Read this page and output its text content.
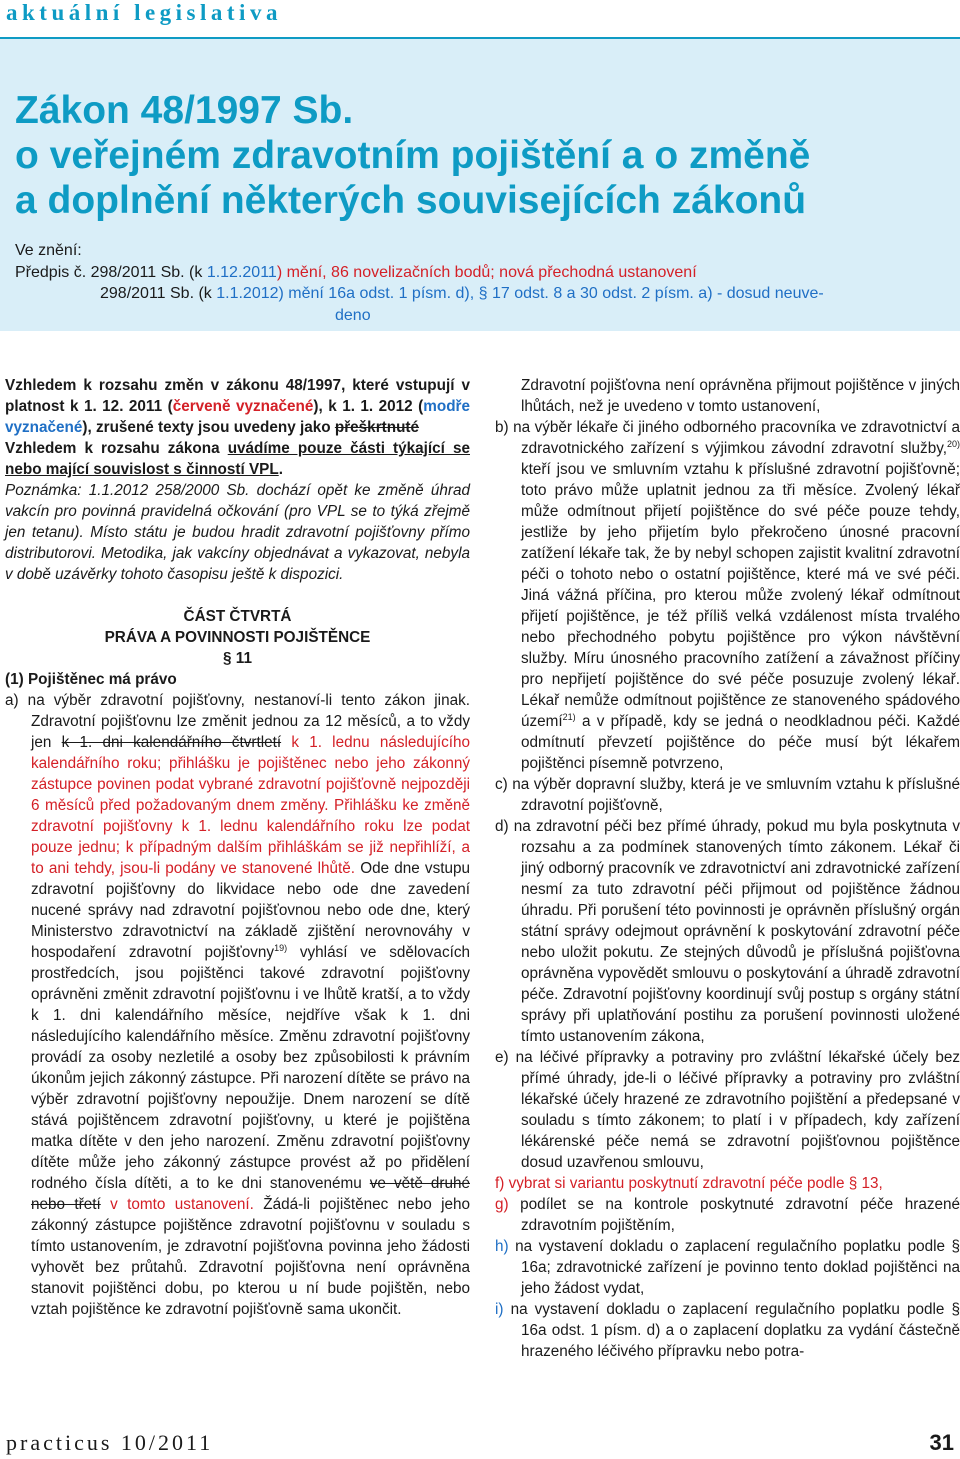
aktuální legislativa
Zákon 48/1997 Sb.
o veřejném zdravotním pojištění a o změně
a doplnění některých souvisejících zákonů
Ve znění:
Předpis č. 298/2011 Sb. (k 1.12.2011) mění, 86 novelizačních bodů; nová přechodná ustanovení
298/2011 Sb. (k 1.1.2012) mění 16a odst. 1 písm. d), § 17 odst. 8 a 30 odst. 2 písm. a) - dosud neuve-
deno

Vzhledem k rozsahu změn v zákonu 48/1997, které vstupují v platnost k 1. 12. 2011 (červeně vyznačené), k 1. 1. 2012 (modře vyznačené), zrušené texty jsou uvedeny jako přeškrtnuté

Vzhledem k rozsahu zákona uvádíme pouze části týkající se nebo mající souvislost s činností VPL.

Poznámka: 1.1.2012 258/2000 Sb. dochází opět ke změně úhrad vakcín pro povinná pravidelná očkování (pro VPL se to týká zřejmě jen tetanu). Místo státu je budou hradit zdravotní pojišťovny přímo distributorovi. Metodika, jak vakcíny objednávat a vykazovat, nebyla v době uzávěrky tohoto časopisu ještě k dispozici.

ČÁST ČTVRTÁ

PRÁVA A POVINNOSTI POJIŠTĚNCE

§ 11

(1) Pojištěnec má právo

a) na výběr zdravotní pojišťovny, nestanoví-li tento zákon jinak. Zdravotní pojišťovnu lze změnit jednou za 12 měsíců, a to vždy jen k 1. dni kalendářního čtvrtletí k 1. lednu následujícího kalendářního roku; přihlášku je pojištěnec nebo jeho zákonný zástupce povinen podat vybrané zdravotní pojišťovně nejpozději 6 měsíců před požadovaným dnem změny. Přihlášku ke změně zdravotní pojišťovny k 1. lednu kalendářního roku lze podat pouze jednu; k případným dalším přihláškám se již nepřihlíží, a to ani tehdy, jsou-li podány ve stanovené lhůtě. Ode dne vstupu zdravotní pojišťovny do likvidace nebo ode dne zavedení nucené správy nad zdravotní pojišťovnou nebo ode dne, který Ministerstvo zdravotnictví na základě zjištění nerovnováhy v hospodaření zdravotní pojišťovny$^{19)}$ vyhlásí ve sdělovacích prostředcích, jsou pojištěnci takové zdravotní pojišťovny oprávněni změnit zdravotní pojišťovnu i ve lhůtě kratší, a to vždy k 1. dni kalendářního měsíce, nejdříve však k 1. dni následujícího kalendářního měsíce. Změnu zdravotní pojišťovny provádí za osoby nezletilé a osoby bez způsobilosti k právním úkonům jejich zákonný zástupce. Při narození dítěte se právo na výběr zdravotní pojišťovny nepoužije. Dnem narození se dítě stává pojištěncem zdravotní pojišťovny, u které je pojištěna matka dítěte v den jeho narození. Změnu zdravotní pojišťovny dítěte může jeho zákonný zástupce provést až po přidělení rodného čísla dítěti, a to ke dni stanovenému ve větě druhé nebo třetí v tomto ustanovení. Žádá-li pojištěnec nebo jeho zákonný zástupce pojištěnce zdravotní pojišťovnu v souladu s tímto ustanovením, je zdravotní pojišťovna povinna jeho žádosti vyhovět bez průtahů. Zdravotní pojišťovna není oprávněna stanovit pojištěnci dobu, po kterou u ní bude pojištěn, nebo vztah pojištěnce ke zdravotní pojišťovně sama ukončit.

Zdravotní pojišťovna není oprávněna přijmout pojištěnce v jiných lhůtách, než je uvedeno v tomto ustanovení,

b) na výběr lékaře či jiného odborného pracovníka ve zdravotnictví a zdravotnického zařízení s výjimkou závodní zdravotní služby,$^{20)}$ kteří jsou ve smluvním vztahu k příslušné zdravotní pojišťovně; toto právo může uplatnit jednou za tři měsíce. Zvolený lékař může odmítnout přijetí pojištěnce do své péče pouze tehdy, jestliže by jeho přijetím bylo překročeno únosné pracovní zatížení lékaře tak, že by nebyl schopen zajistit kvalitní zdravotní péči o tohoto nebo o ostatní pojištěnce, které má ve své péči. Jiná vážná příčina, pro kterou může zvolený lékař odmítnout přijetí pojištěnce, je též příliš velká vzdálenost místa trvalého nebo přechodného pobytu pojištěnce pro výkon návštěvní služby. Míru únosného pracovního zatížení a závažnost příčiny pro nepřijetí pojištěnce do své péče posuzuje zvolený lékař. Lékař nemůže odmítnout pojištěnce ze stanoveného spádového území$^{21)}$ a v případě, kdy se jedná o neodkladnou péči. Každé odmítnutí převzetí pojištěnce do péče musí být lékařem pojištěnci písemně potvrzeno,

c) na výběr dopravní služby, která je ve smluvním vztahu k příslušné zdravotní pojišťovně,

d) na zdravotní péči bez přímé úhrady, pokud mu byla poskytnuta v rozsahu a za podmínek stanovených tímto zákonem. Lékař či jiný odborný pracovník ve zdravotnictví ani zdravotnické zařízení nesmí za tuto zdravotní péči přijmout od pojištěnce žádnou úhradu. Při porušení této povinnosti je oprávněn příslušný orgán státní správy odejmout oprávnění k poskytování zdravotní péče nebo uložit pokutu. Ze stejných důvodů je příslušná pojišťovna oprávněna vypovědět smlouvu o poskytování a úhradě zdravotní péče. Zdravotní pojišťovny koordinují svůj postup s orgány státní správy při uplatňování postihu za porušení povinnosti uložené tímto ustanovením zákona,

e) na léčivé přípravky a potraviny pro zvláštní lékařské účely bez přímé úhrady, jde-li o léčivé přípravky a potraviny pro zvláštní lékařské účely hrazené ze zdravotního pojištění a předepsané v souladu s tímto zákonem; to platí i v případech, kdy zařízení lékárenské péče nemá se zdravotní pojišťovnou pojištěnce dosud uzavřenou smlouvu,

f) vybrat si variantu poskytnutí zdravotní péče podle § 13,

g) podílet se na kontrole poskytnuté zdravotní péče hrazené zdravotním pojištěním,

h) na vystavení dokladu o zaplacení regulačního poplatku podle § 16a; zdravotnické zařízení je povinno tento doklad pojištěnci na jeho žádost vydat,

i) na vystavení dokladu o zaplacení regulačního poplatku podle § 16a odst. 1 písm. d) a o zaplacení doplatku za vydání částečně hrazeného léčivého přípravku nebo potra-

practicus 10/2011	31
